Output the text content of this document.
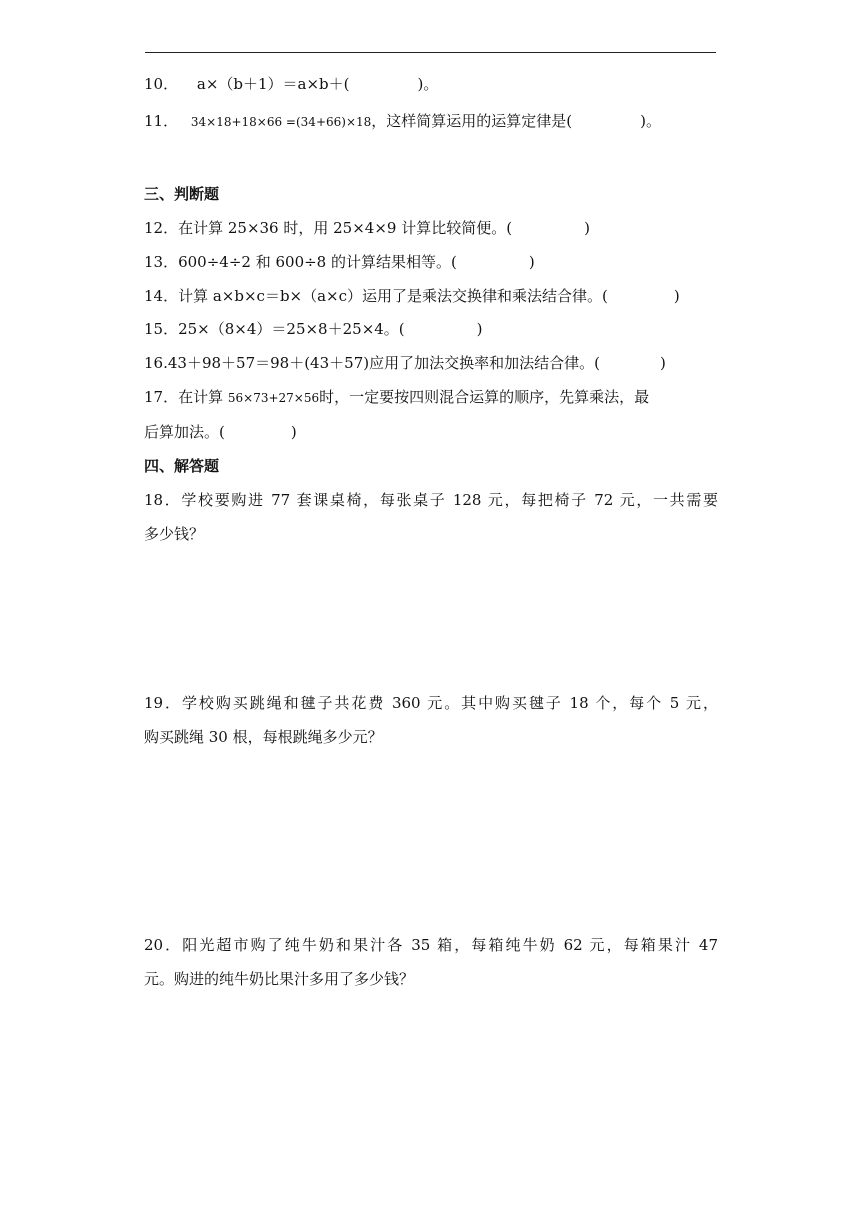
10． a×（b＋1）＝a×b＋(	)。
11． 34×18+18×66 =(34+66)×18，这样简算运用的运算定律是(	)。
三、判断题
12．在计算 25×36 时，用 25×4×9 计算比较简便。(	)
13．600÷4÷2 和 600÷8 的计算结果相等。(	)
14．计算 a×b×c＝b×（a×c）运用了是乘法交换律和乘法结合律。(	)
15．25×（8×4）＝25×8＋25×4。(	)
16.43＋98＋57＝98＋(43＋57)应用了加法交换率和加法结合律。(	)
17．在计算 56×73+27×56时，一定要按四则混合运算的顺序，先算乘法，最
后算加法。(	)
四、解答题
18．学校要购进 77 套课桌椅，每张桌子 128 元，每把椅子 72 元，一共需要
多少钱？
19．学校购买跳绳和毽子共花费 360 元。其中购买毽子 18 个，每个 5 元，
购买跳绳 30 根，每根跳绳多少元？
20．阳光超市购了纯牛奶和果汁各 35 箱，每箱纯牛奶 62 元，每箱果汁 47
元。购进的纯牛奶比果汁多用了多少钱？
